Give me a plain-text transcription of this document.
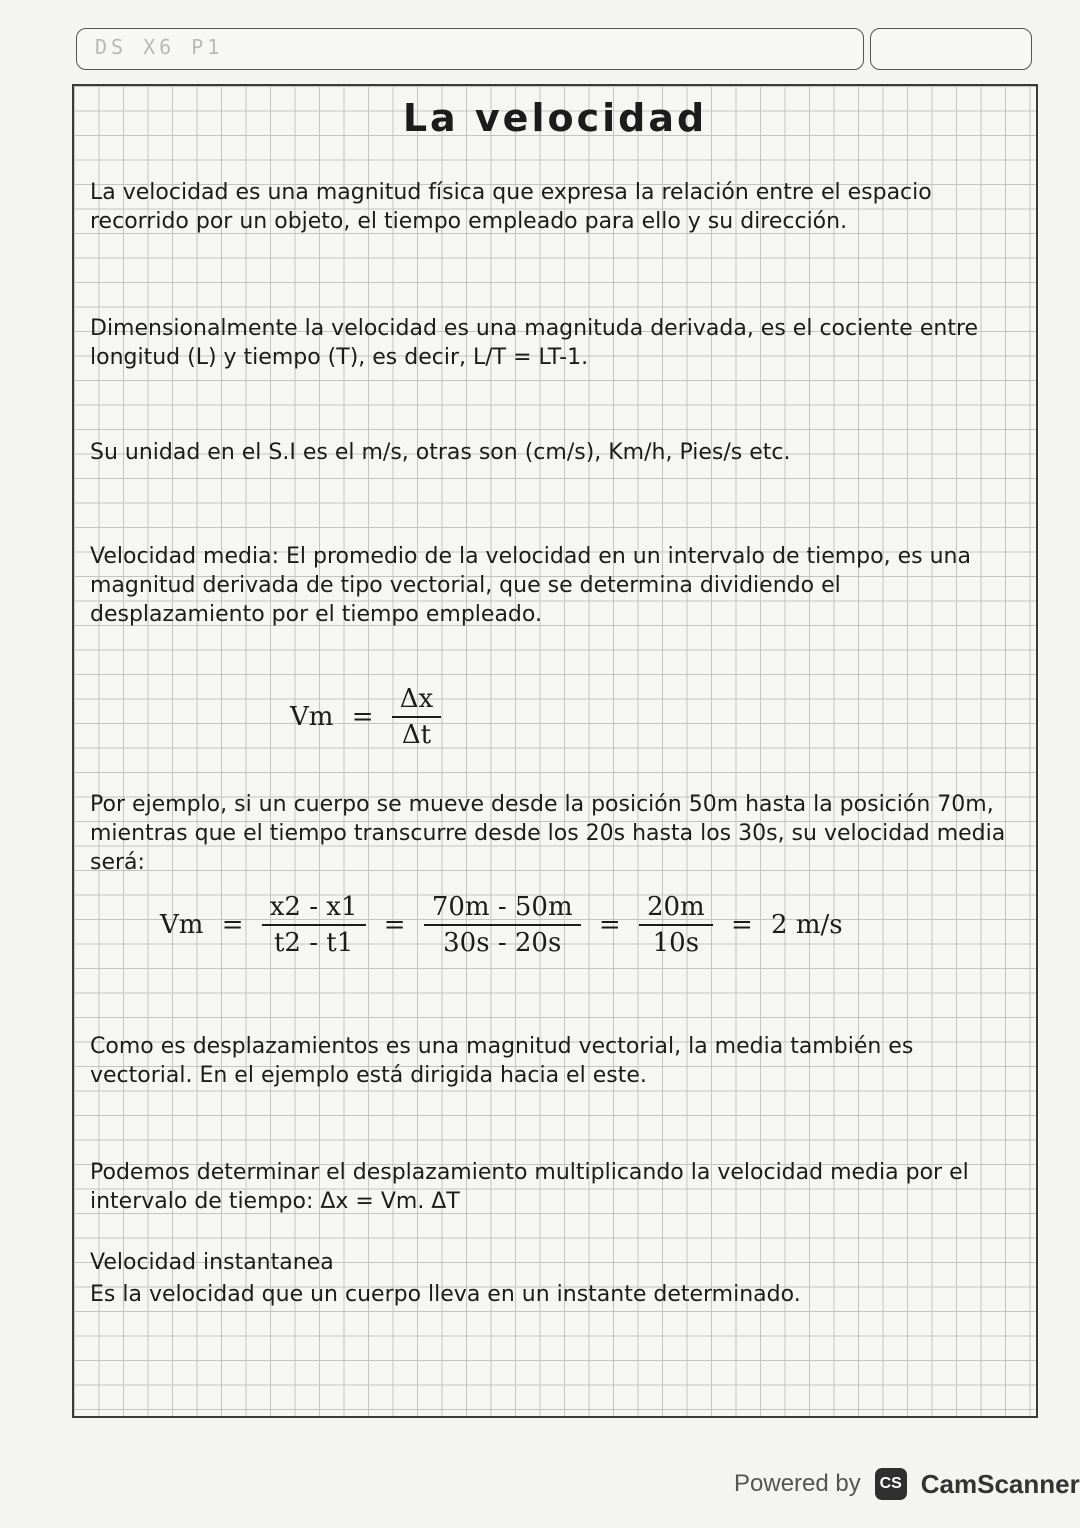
DS X6 P1
La velocidad

La velocidad es una magnitud física que expresa la relación entre el espacio recorrido por un objeto, el tiempo empleado para ello y su dirección.

Dimensionalmente la velocidad es una magnituda derivada, es el cociente entre longitud (L) y tiempo (T), es decir, L/T = LT-1.

Su unidad en el S.I es el m/s, otras son (cm/s), Km/h, Pies/s etc.

Velocidad media: El promedio de la velocidad en un intervalo de tiempo, es una magnitud derivada de tipo vectorial, que se determina dividiendo el desplazamiento por el tiempo empleado.

$Vm = \frac{\Delta x}{\Delta t}$

Por ejemplo, si un cuerpo se mueve desde la posición 50m hasta la posición 70m, mientras que el tiempo transcurre desde los 20s hasta los 30s, su velocidad media será:

$Vm = \frac{x2 - x1}{t2 - t1} = \frac{70m - 50m}{30s - 20s} = \frac{20m}{10s} = 2$ m/s

Como es desplazamientos es una magnitud vectorial, la media también es vectorial. En el ejemplo está dirigida hacia el este.

Podemos determinar el desplazamiento multiplicando la velocidad media por el intervalo de tiempo: Δx = Vm. ΔT

Velocidad instantanea

Es la velocidad que un cuerpo lleva en un instante determinado.

Powered by	CS CamScanner
